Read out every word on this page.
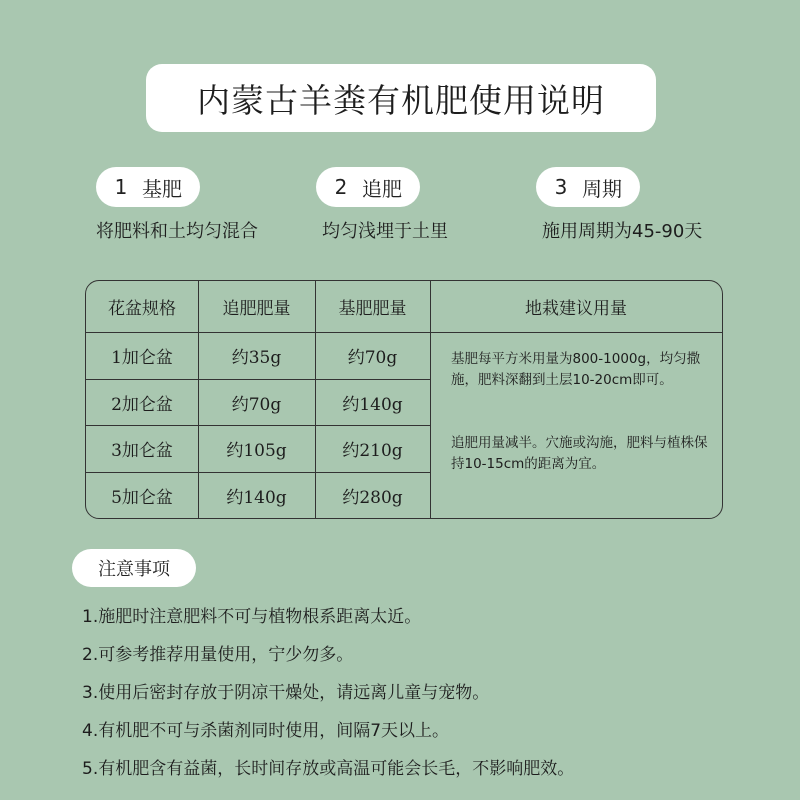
内蒙古羊粪有机肥使用说明
1 基肥	2 追肥	3 周期
将肥料和土均匀混合	均匀浅埋于土里	施用周期为45-90天
花盆规格	追肥肥量	基肥肥量	地栽建议用量
1加仑盆	约35g	约70g
2加仑盆	约70g	约140g
3加仑盆	约105g	约210g
5加仑盆	约140g	约280g
基肥每平方米用量为800-1000g，均匀撒施，肥料深翻到土层10-20cm即可。
追肥用量减半。穴施或沟施，肥料与植株保持10-15cm的距离为宜。
注意事项
1.施肥时注意肥料不可与植物根系距离太近。
2.可参考推荐用量使用，宁少勿多。
3.使用后密封存放于阴凉干燥处，请远离儿童与宠物。
4.有机肥不可与杀菌剂同时使用，间隔7天以上。
5.有机肥含有益菌，长时间存放或高温可能会长毛，不影响肥效。
